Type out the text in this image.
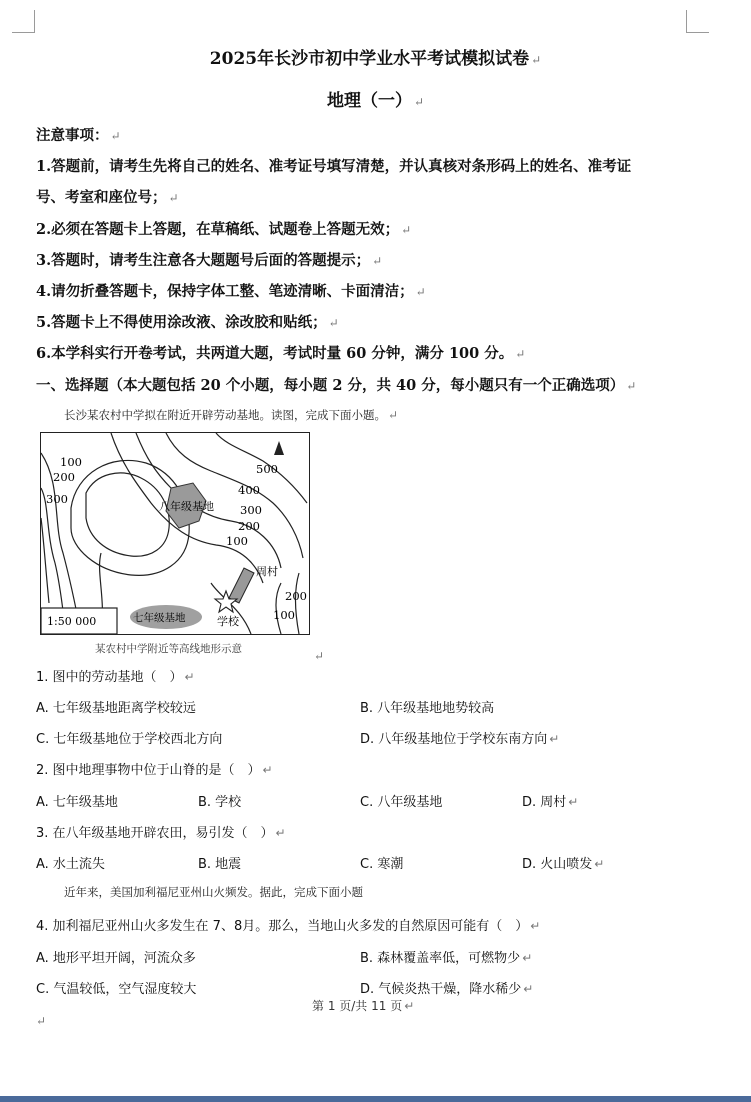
2025年长沙市初中学业水平考试模拟试卷 ↵
地理（一） ↵
注意事项： ↵
1.答题前，请考生先将自己的姓名、准考证号填写清楚，并认真核对条形码上的姓名、准考证
号、考室和座位号； ↵
2.必须在答题卡上答题，在草稿纸、试题卷上答题无效； ↵
3.答题时，请考生注意各大题题号后面的答题提示； ↵
4.请勿折叠答题卡，保持字体工整、笔迹清晰、卡面清洁； ↵
5.答题卡上不得使用涂改液、涂改胶和贴纸； ↵
6.本学科实行开卷考试，共两道大题，考试时量 60 分钟，满分 100 分。 ↵
一、选择题（本大题包括 20 个小题，每小题 2 分，共 40 分，每小题只有一个正确选项） ↵
长沙某农村中学拟在附近开辟劳动基地。读图，完成下面小题。 ↵
100
200
300
500
400
300
200
100
八年级基地
周村
200
100
七年级基地	学校
1:50 000
某农村中学附近等高线地形示意	↵
1. 图中的劳动基地（　） ↵
A. 七年级基地距离学校较远	B. 八年级基地地势较高
C. 七年级基地位于学校西北方向	D. 八年级基地位于学校东南方向 ↵
2. 图中地理事物中位于山脊的是（　） ↵
A. 七年级基地	B. 学校	C. 八年级基地	D. 周村 ↵
3. 在八年级基地开辟农田，易引发（　） ↵
A. 水土流失	B. 地震	C. 寒潮	D. 火山喷发 ↵
近年来，美国加利福尼亚州山火频发。据此，完成下面小题
4. 加利福尼亚州山火多发生在 7、8月。那么，当地山火多发的自然原因可能有（　） ↵
A. 地形平坦开阔，河流众多	B. 森林覆盖率低，可燃物少 ↵
C. 气温较低，空气湿度较大	D. 气候炎热干燥，降水稀少 ↵
第 1 页/共 11 页 ↵
↵
